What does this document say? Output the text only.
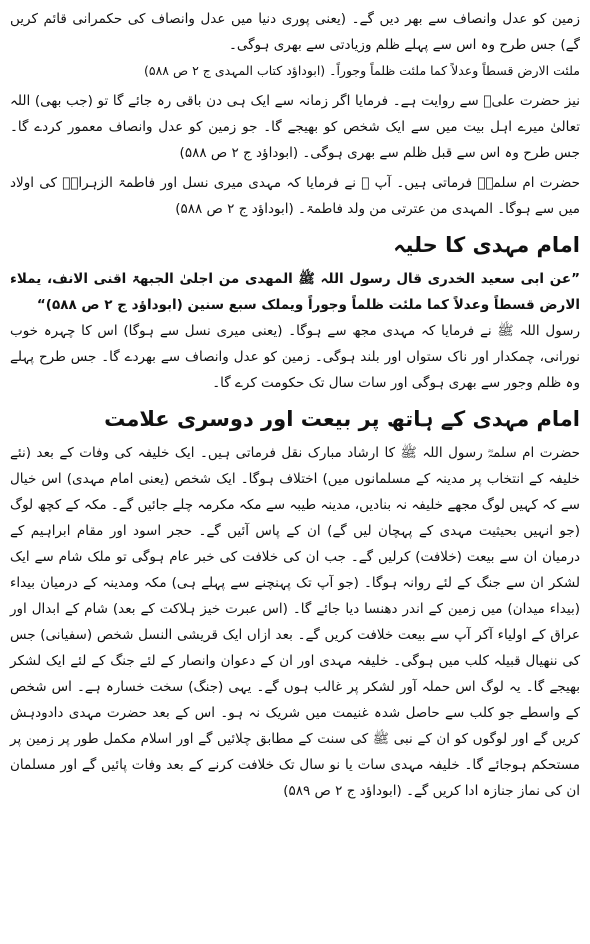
زمین کو عدل وانصاف سے بھر دیں گے۔ (یعنی پوری دنیا میں عدل وانصاف کی حکمرانی قائم کریں گے) جس طرح وہ اس سے پہلے ظلم وزیادتی سے بھری ہوگی۔

ملئت الارض قسطاً وعدلاً کما ملئت ظلماً وجوراً۔ (ابوداؤد کتاب المہدی ج ۲ ص ۵۸۸)

نیز حضرت علیؓ سے روایت ہے۔ فرمایا اگر زمانہ سے ایک ہی دن باقی رہ جائے گا تو (جب بھی) اللہ تعالیٰ میرے اہل بیت میں سے ایک شخص کو بھیجے گا۔ جو زمین کو عدل وانصاف معمور کردے گا۔ جس طرح وہ اس سے قبل ظلم سے بھری ہوگی۔ (ابوداؤد ج ۲ ص ۵۸۸)

حضرت ام سلمہؓ فرماتی ہیں۔ آپ ﷺ نے فرمایا کہ مہدی میری نسل اور فاطمۃ الزہراہؓ کی اولاد میں سے ہوگا۔ المہدی من عترتی من ولد فاطمۃ۔ (ابوداؤد ج ۲ ص ۵۸۸)

امام مہدی کا حلیہ

”عن ابی سعید الخدری قال رسول اللہ ﷺ المھدی من اجلیٰ الجبھۃ اقنی الانف، یملاء الارض قسطاً وعدلاً کما ملئت ظلماً وجوراً ویملک سبع سنین (ابوداؤد ج ۲ ص ۵۸۸)“

رسول اللہ ﷺ نے فرمایا کہ مہدی مجھ سے ہوگا۔ (یعنی میری نسل سے ہوگا) اس کا چہرہ خوب نورانی، چمکدار اور ناک ستواں اور بلند ہوگی۔ زمین کو عدل وانصاف سے بھردے گا۔ جس طرح پہلے وہ ظلم وجور سے بھری ہوگی اور سات سال تک حکومت کرے گا۔

امام مہدی کے ہاتھ پر بیعت اور دوسری علامت

حضرت ام سلمہؓ رسول اللہ ﷺ کا ارشاد مبارک نقل فرماتی ہیں۔ ایک خلیفہ کی وفات کے بعد (نئے خلیفہ کے انتخاب پر مدینہ کے مسلمانوں میں) اختلاف ہوگا۔ ایک شخص (یعنی امام مہدی) اس خیال سے کہ کہیں لوگ مجھے خلیفہ نہ بنادیں، مدینہ طیبہ سے مکہ مکرمہ چلے جائیں گے۔ مکہ کے کچھ لوگ (جو انہیں بحیثیت مہدی کے پہچان لیں گے) ان کے پاس آئیں گے۔ حجر اسود اور مقام ابراہیم کے درمیان ان سے بیعت (خلافت) کرلیں گے۔ جب ان کی خلافت کی خبر عام ہوگی تو ملک شام سے ایک لشکر ان سے جنگ کے لئے روانہ ہوگا۔ (جو آپ تک پہنچنے سے پہلے ہی) مکہ ومدینہ کے درمیان بیداء (بیداء میدان) میں زمین کے اندر دھنسا دیا جائے گا۔ (اس عبرت خیز ہلاکت کے بعد) شام کے ابدال اور عراق کے اولیاء آکر آپ سے بیعت خلافت کریں گے۔ بعد ازاں ایک قریشی النسل شخص (سفیانی) جس کی ننھیال قبیلہ کلب میں ہوگی۔ خلیفہ مہدی اور ان کے دعوان وانصار کے لئے جنگ کے لئے ایک لشکر بھیجے گا۔ یہ لوگ اس حملہ آور لشکر پر غالب ہوں گے۔ یہی (جنگ) سخت خسارہ ہے۔ اس شخص کے واسطے جو کلب سے حاصل شدہ غنیمت میں شریک نہ ہو۔ اس کے بعد حضرت مہدی دادودہش کریں گے اور لوگوں کو ان کے نبی ﷺ کی سنت کے مطابق چلائیں گے اور اسلام مکمل طور پر زمین پر مستحکم ہوجائے گا۔ خلیفہ مہدی سات یا نو سال تک خلافت کرنے کے بعد وفات پائیں گے اور مسلمان ان کی نماز جنازہ ادا کریں گے۔ (ابوداؤد ج ۲ ص ۵۸۹)
